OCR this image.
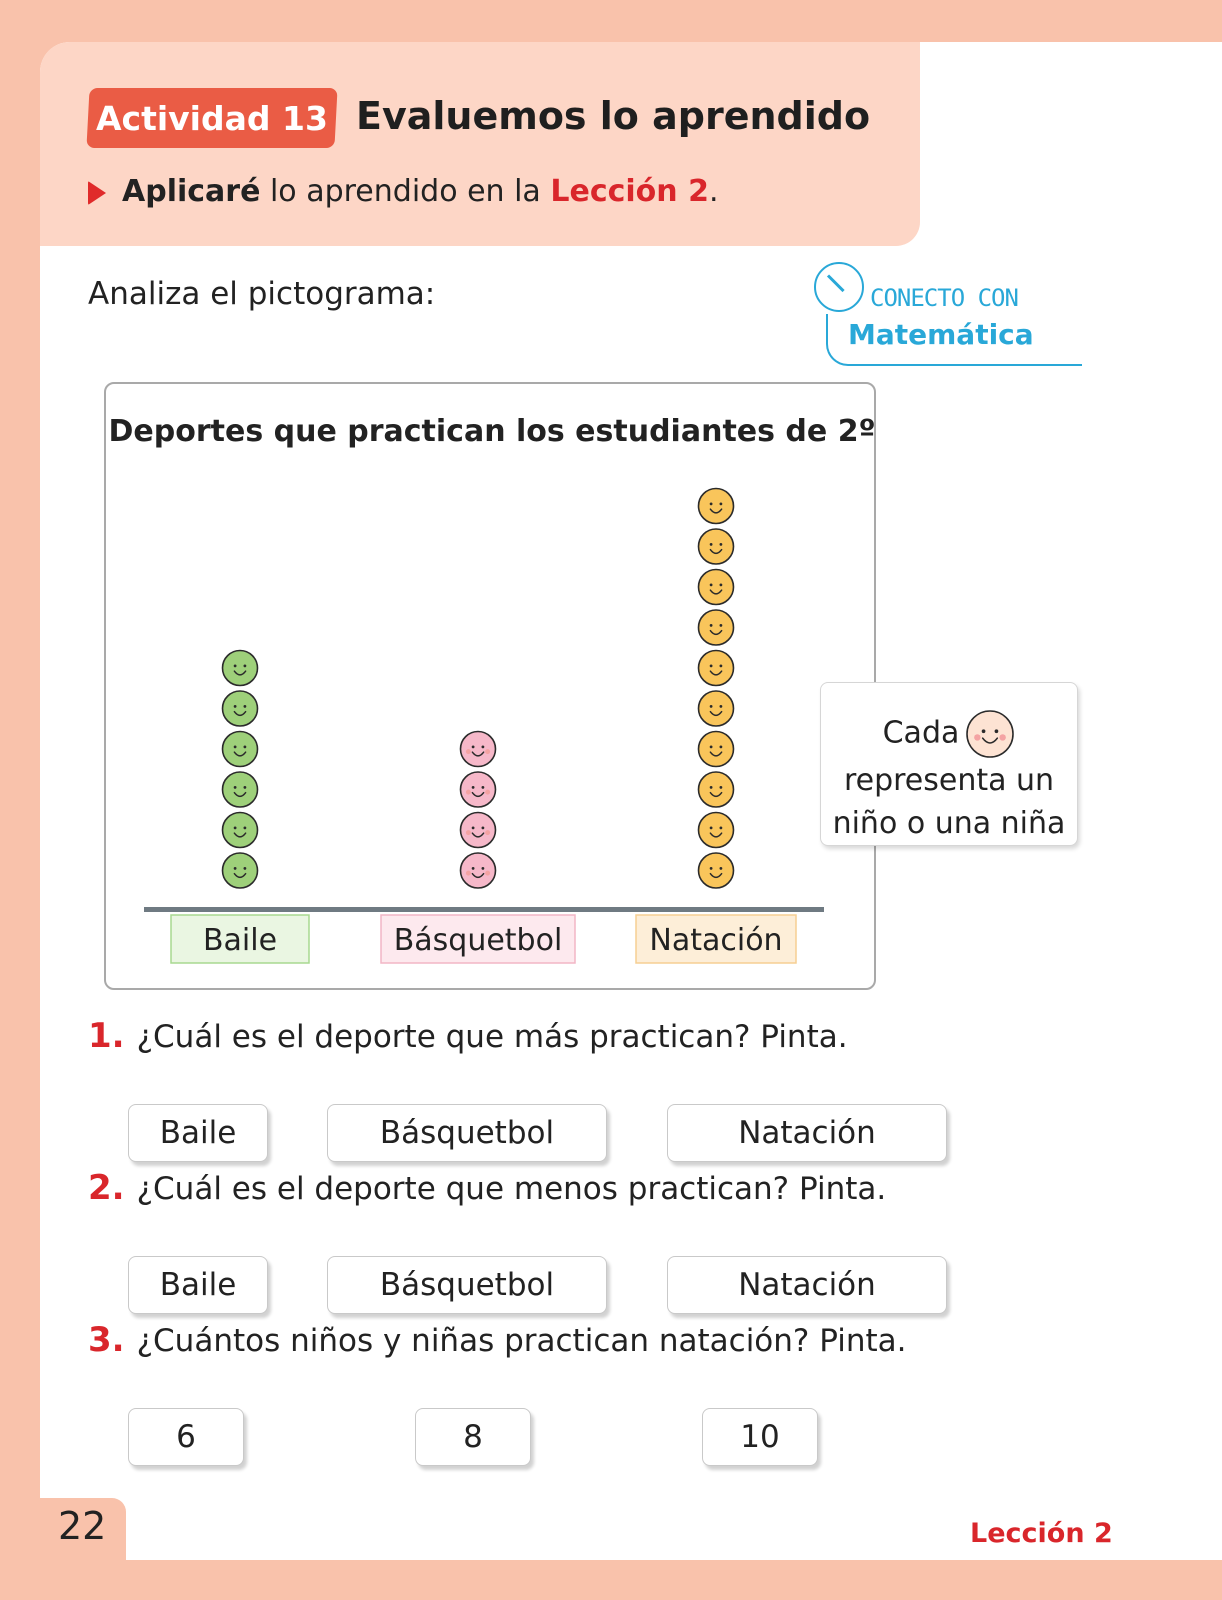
Actividad 13 Evaluemos lo aprendido
Aplicaré lo aprendido en la Lección 2.
Analiza el pictograma:	CONECTO CON
Matemática
Deportes que practican los estudiantes de 2º
Baile	Básquetbol	Natación
Cada
representa un
niño o una niña
1. ¿Cuál es el deporte que más practican? Pinta.
Baile	Básquetbol	Natación
2. ¿Cuál es el deporte que menos practican? Pinta.
Baile	Básquetbol	Natación
3. ¿Cuántos niños y niñas practican natación? Pinta.
6	8	10
22	Lección 2
